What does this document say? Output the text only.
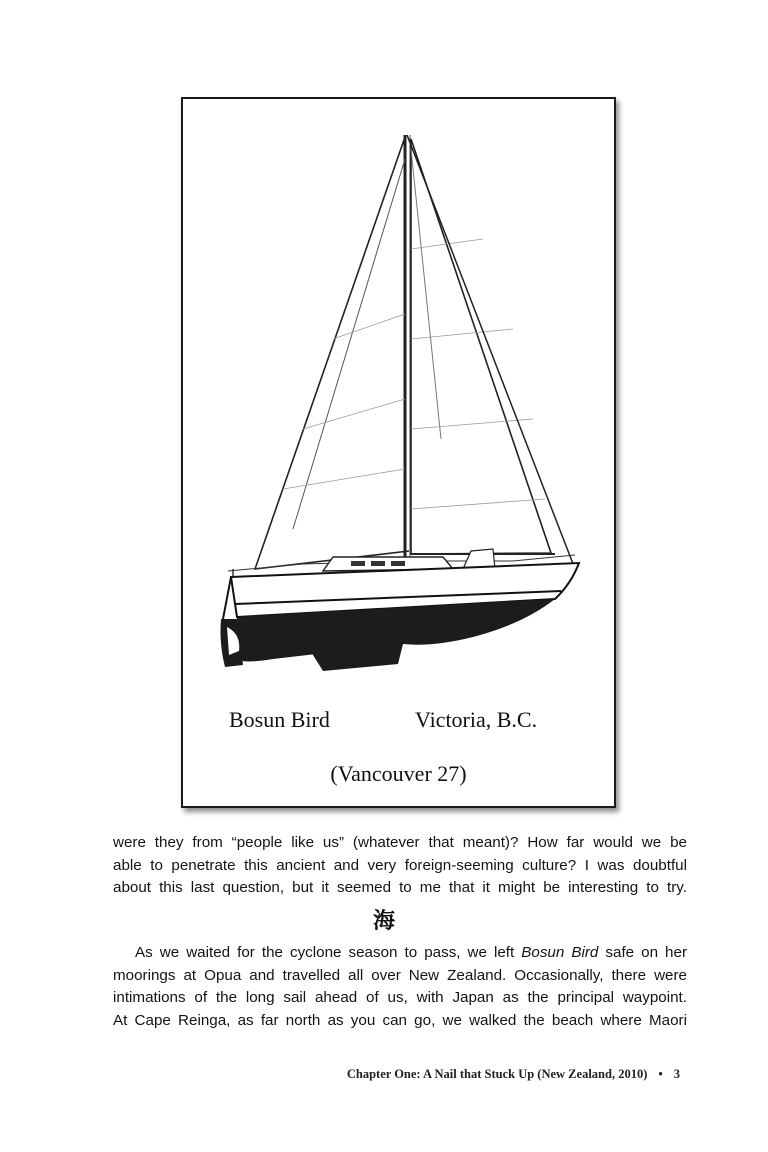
Bosun Bird	Victoria, B.C.
(Vancouver 27)
were they from “people like us” (whatever that meant)? How far would we be
able to penetrate this ancient and very foreign-seeming culture? I was doubtful
about this last question, but it seemed to me that it might be interesting to try.
海
As we waited for the cyclone season to pass, we left Bosun Bird safe on her
moorings at Opua and travelled all over New Zealand. Occasionally, there were
intimations of the long sail ahead of us, with Japan as the principal waypoint.
At Cape Reinga, as far north as you can go, we walked the beach where Maori
Chapter One: A Nail that Stuck Up (New Zealand, 2010) • 3
